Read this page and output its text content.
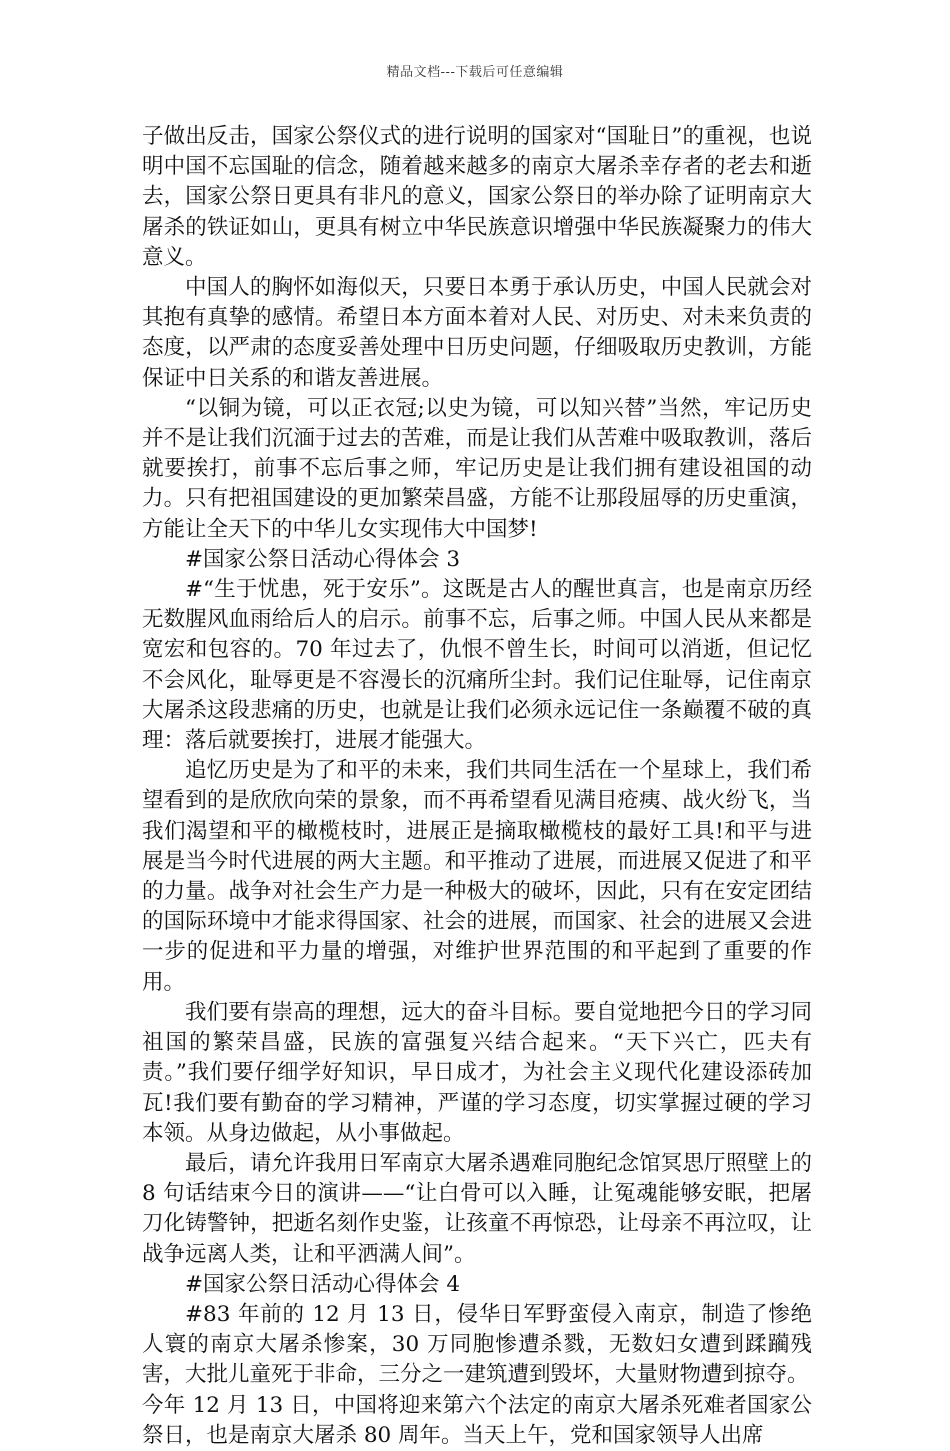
精品文档---下载后可任意编辑

子做出反击，国家公祭仪式的进行说明的国家对“国耻日”的重视，也说明中国不忘国耻的信念，随着越来越多的南京大屠杀幸存者的老去和逝去，国家公祭日更具有非凡的意义，国家公祭日的举办除了证明南京大屠杀的铁证如山，更具有树立中华民族意识增强中华民族凝聚力的伟大意义。

中国人的胸怀如海似天，只要日本勇于承认历史，中国人民就会对其抱有真挚的感情。希望日本方面本着对人民、对历史、对未来负责的态度，以严肃的态度妥善处理中日历史问题，仔细吸取历史教训，方能保证中日关系的和谐友善进展。

“以铜为镜，可以正衣冠;以史为镜，可以知兴替”当然，牢记历史并不是让我们沉湎于过去的苦难，而是让我们从苦难中吸取教训，落后就要挨打，前事不忘后事之师，牢记历史是让我们拥有建设祖国的动力。只有把祖国建设的更加繁荣昌盛，方能不让那段屈辱的历史重演，方能让全天下的中华儿女实现伟大中国梦!

#国家公祭日活动心得体会 3

#“生于忧患，死于安乐”。这既是古人的醒世真言，也是南京历经无数腥风血雨给后人的启示。前事不忘，后事之师。中国人民从来都是宽宏和包容的。70 年过去了，仇恨不曾生长，时间可以消逝，但记忆不会风化，耻辱更是不容漫长的沉痛所尘封。我们记住耻辱，记住南京大屠杀这段悲痛的历史，也就是让我们必须永远记住一条巅覆不破的真理：落后就要挨打，进展才能强大。

追忆历史是为了和平的未来，我们共同生活在一个星球上，我们希望看到的是欣欣向荣的景象，而不再希望看见满目疮痍、战火纷飞，当我们渴望和平的橄榄枝时，进展正是摘取橄榄枝的最好工具!和平与进展是当今时代进展的两大主题。和平推动了进展，而进展又促进了和平的力量。战争对社会生产力是一种极大的破坏，因此，只有在安定团结的国际环境中才能求得国家、社会的进展，而国家、社会的进展又会进一步的促进和平力量的增强，对维护世界范围的和平起到了重要的作用。

我们要有崇高的理想，远大的奋斗目标。要自觉地把今日的学习同祖国的繁荣昌盛，民族的富强复兴结合起来。“天下兴亡，匹夫有责。”我们要仔细学好知识，早日成才，为社会主义现代化建设添砖加瓦!我们要有勤奋的学习精神，严谨的学习态度，切实掌握过硬的学习本领。从身边做起，从小事做起。

最后，请允许我用日军南京大屠杀遇难同胞纪念馆冥思厅照壁上的 8 句话结束今日的演讲——“让白骨可以入睡，让冤魂能够安眠，把屠刀化铸警钟，把逝名刻作史鉴，让孩童不再惊恐，让母亲不再泣叹，让战争远离人类，让和平洒满人间”。

#国家公祭日活动心得体会 4

#83 年前的 12 月 13 日，侵华日军野蛮侵入南京，制造了惨绝人寰的南京大屠杀惨案，30 万同胞惨遭杀戮，无数妇女遭到蹂躏残害，大批儿童死于非命，三分之一建筑遭到毁坏，大量财物遭到掠夺。

今年 12 月 13 日，中国将迎来第六个法定的南京大屠杀死难者国家公祭日，也是南京大屠杀 80 周年。当天上午，党和国家领导人出席
